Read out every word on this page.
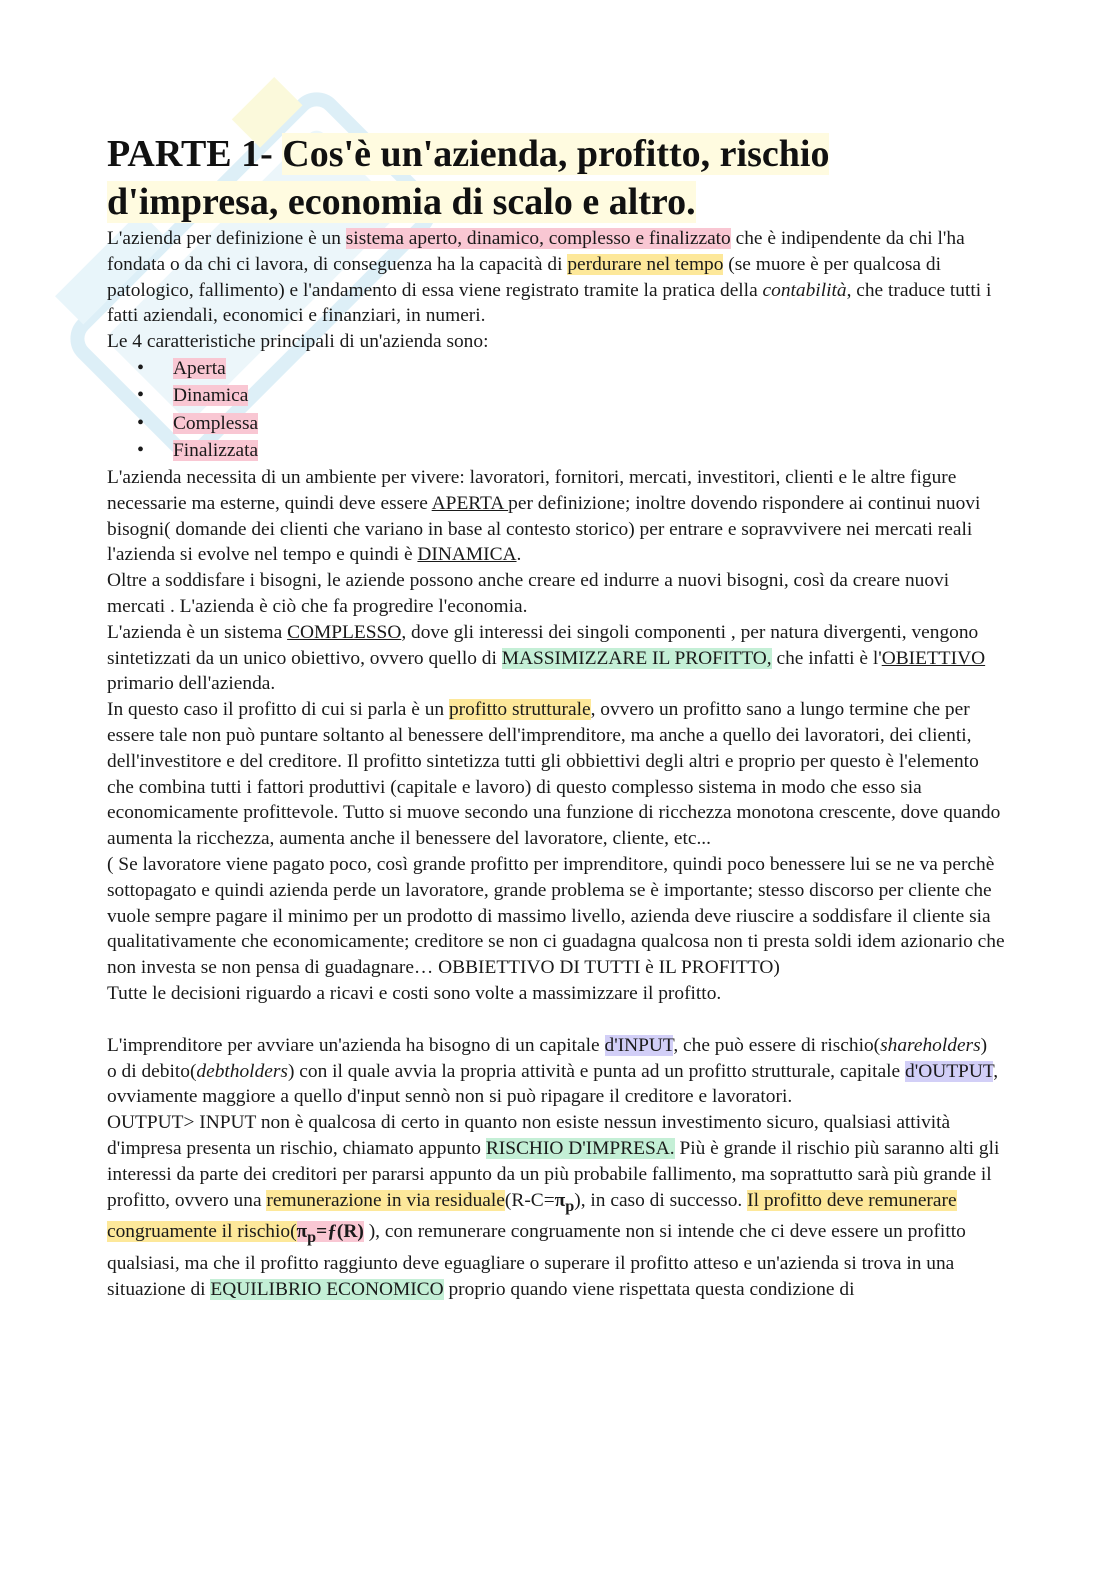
PARTE 1- Cos'è un'azienda, profitto, rischio d'impresa, economia di scalo e altro.

L'azienda per definizione è un sistema aperto, dinamico, complesso e finalizzato che è indipendente da chi l'ha fondata o da chi ci lavora, di conseguenza ha la capacità di perdurare nel tempo (se muore è per qualcosa di patologico, fallimento) e l'andamento di essa viene registrato tramite la pratica della contabilità, che traduce tutti i fatti aziendali, economici e finanziari, in numeri.

Le 4 caratteristiche principali di un'azienda sono:

• Aperta
• Dinamica
• Complessa
• Finalizzata

L'azienda necessita di un ambiente per vivere: lavoratori, fornitori, mercati, investitori, clienti e le altre figure necessarie ma esterne, quindi deve essere APERTA per definizione; inoltre dovendo rispondere ai continui nuovi bisogni( domande dei clienti che variano in base al contesto storico) per entrare e sopravvivere nei mercati reali l'azienda si evolve nel tempo e quindi è DINAMICA.

Oltre a soddisfare i bisogni, le aziende possono anche creare ed indurre a nuovi bisogni, così da creare nuovi mercati . L'azienda è ciò che fa progredire l'economia.

L'azienda è un sistema COMPLESSO, dove gli interessi dei singoli componenti , per natura divergenti, vengono sintetizzati da un unico obiettivo, ovvero quello di MASSIMIZZARE IL PROFITTO, che infatti è l'OBIETTIVO primario dell'azienda.

In questo caso il profitto di cui si parla è un profitto strutturale, ovvero un profitto sano a lungo termine che per essere tale non può puntare soltanto al benessere dell'imprenditore, ma anche a quello dei lavoratori, dei clienti, dell'investitore e del creditore. Il profitto sintetizza tutti gli obbiettivi degli altri e proprio per questo è l'elemento che combina tutti i fattori produttivi (capitale e lavoro) di questo complesso sistema in modo che esso sia economicamente profittevole. Tutto si muove secondo una funzione di ricchezza monotona crescente, dove quando aumenta la ricchezza, aumenta anche il benessere del lavoratore, cliente, etc...

( Se lavoratore viene pagato poco, così grande profitto per imprenditore, quindi poco benessere lui se ne va perchè sottopagato e quindi azienda perde un lavoratore, grande problema se è importante; stesso discorso per cliente che vuole sempre pagare il minimo per un prodotto di massimo livello, azienda deve riuscire a soddisfare il cliente sia qualitativamente che economicamente; creditore se non ci guadagna qualcosa non ti presta soldi idem azionario che non investa se non pensa di guadagnare… OBBIETTIVO DI TUTTI è IL PROFITTO)

Tutte le decisioni riguardo a ricavi e costi sono volte a massimizzare il profitto.

L'imprenditore per avviare un'azienda ha bisogno di un capitale d'INPUT, che può essere di rischio(shareholders)

o di debito(debtholders) con il quale avvia la propria attività e punta ad un profitto strutturale, capitale d'OUTPUT, ovviamente maggiore a quello d'input sennò non si può ripagare il creditore e lavoratori.

OUTPUT> INPUT non è qualcosa di certo in quanto non esiste nessun investimento sicuro, qualsiasi attività d'impresa presenta un rischio, chiamato appunto RISCHIO D'IMPRESA. Più è grande il rischio più saranno alti gli interessi da parte dei creditori per pararsi appunto da un più probabile fallimento, ma soprattutto sarà più grande il profitto, ovvero una remunerazione in via $residuale(R-C=\pi_p)$, in caso di successo. Il profitto deve remunerare congruamente il $rischio(\pi_p=ƒ(R)$ ), con remunerare congruamente non si intende che ci deve essere un profitto qualsiasi, ma che il profitto raggiunto deve eguagliare o superare il profitto atteso e un'azienda si trova in una situazione di EQUILIBRIO ECONOMICO proprio quando viene rispettata questa condizione di
